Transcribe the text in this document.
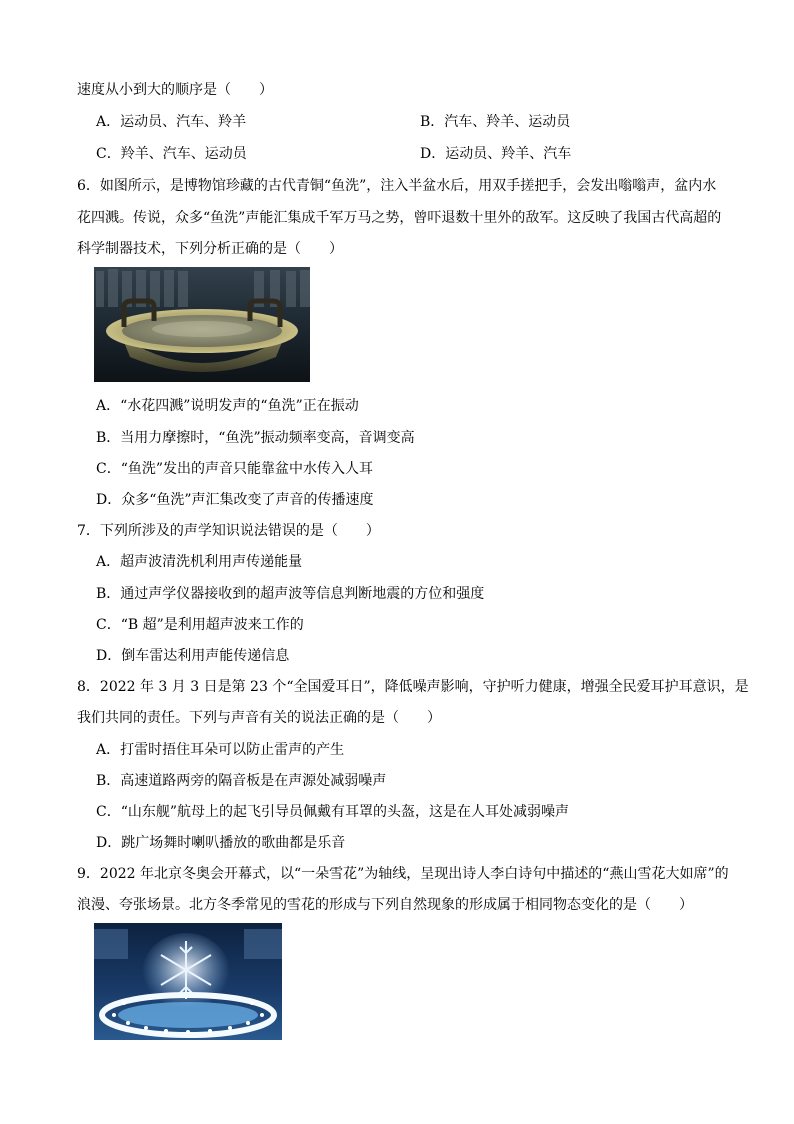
速度从小到大的顺序是（　　）
A．运动员、汽车、羚羊	B．汽车、羚羊、运动员
C．羚羊、汽车、运动员	D．运动员、羚羊、汽车
6．如图所示，是博物馆珍藏的古代青铜“鱼洗”，注入半盆水后，用双手搓把手，会发出嗡嗡声，盆内水
花四溅。传说，众多“鱼洗”声能汇集成千军万马之势，曾吓退数十里外的敌军。这反映了我国古代高超的
科学制器技术，下列分析正确的是（　　）
A．“水花四溅”说明发声的“鱼洗”正在振动
B．当用力摩擦时，“鱼洗”振动频率变高，音调变高
C．“鱼洗”发出的声音只能靠盆中水传入人耳
D．众多“鱼洗”声汇集改变了声音的传播速度
7．下列所涉及的声学知识说法错误的是（　　）
A．超声波清洗机利用声传递能量
B．通过声学仪器接收到的超声波等信息判断地震的方位和强度
C．“B 超”是利用超声波来工作的
D．倒车雷达利用声能传递信息
8．2022 年 3 月 3 日是第 23 个“全国爱耳日”，降低噪声影响，守护听力健康，增强全民爱耳护耳意识，是
我们共同的责任。下列与声音有关的说法正确的是（　　）
A．打雷时捂住耳朵可以防止雷声的产生
B．高速道路两旁的隔音板是在声源处减弱噪声
C．“山东舰”航母上的起飞引导员佩戴有耳罩的头盔，这是在人耳处减弱噪声
D．跳广场舞时喇叭播放的歌曲都是乐音
9．2022 年北京冬奥会开幕式，以“一朵雪花”为轴线，呈现出诗人李白诗句中描述的“燕山雪花大如席”的
浪漫、夸张场景。北方冬季常见的雪花的形成与下列自然现象的形成属于相同物态变化的是（　　）
